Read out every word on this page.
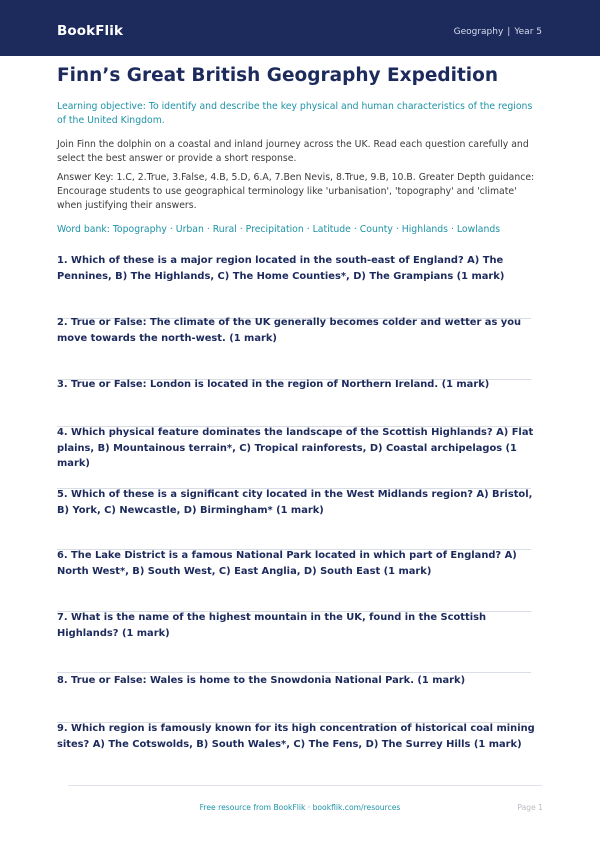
BookFlik	Geography | Year 5
Finn’s Great British Geography Expedition
Learning objective: To identify and describe the key physical and human characteristics of the regions of the United Kingdom.
Join Finn the dolphin on a coastal and inland journey across the UK. Read each question carefully and select the best answer or provide a short response.
Answer Key: 1.C, 2.True, 3.False, 4.B, 5.D, 6.A, 7.Ben Nevis, 8.True, 9.B, 10.B. Greater Depth guidance: Encourage students to use geographical terminology like 'urbanisation', 'topography' and 'climate' when justifying their answers.
Word bank: Topography · Urban · Rural · Precipitation · Latitude · County · Highlands · Lowlands
1. Which of these is a major region located in the south-east of England? A) The Pennines, B) The Highlands, C) The Home Counties*, D) The Grampians (1 mark)
2. True or False: The climate of the UK generally becomes colder and wetter as you move towards the north-west. (1 mark)
3. True or False: London is located in the region of Northern Ireland. (1 mark)
4. Which physical feature dominates the landscape of the Scottish Highlands? A) Flat plains, B) Mountainous terrain*, C) Tropical rainforests, D) Coastal archipelagos (1 mark)
5. Which of these is a significant city located in the West Midlands region? A) Bristol, B) York, C) Newcastle, D) Birmingham* (1 mark)
6. The Lake District is a famous National Park located in which part of England? A) North West*, B) South West, C) East Anglia, D) South East (1 mark)
7. What is the name of the highest mountain in the UK, found in the Scottish Highlands? (1 mark)
8. True or False: Wales is home to the Snowdonia National Park. (1 mark)
9. Which region is famously known for its high concentration of historical coal mining sites? A) The Cotswolds, B) South Wales*, C) The Fens, D) The Surrey Hills (1 mark)
Free resource from BookFlik · bookflik.com/resources	Page 1
